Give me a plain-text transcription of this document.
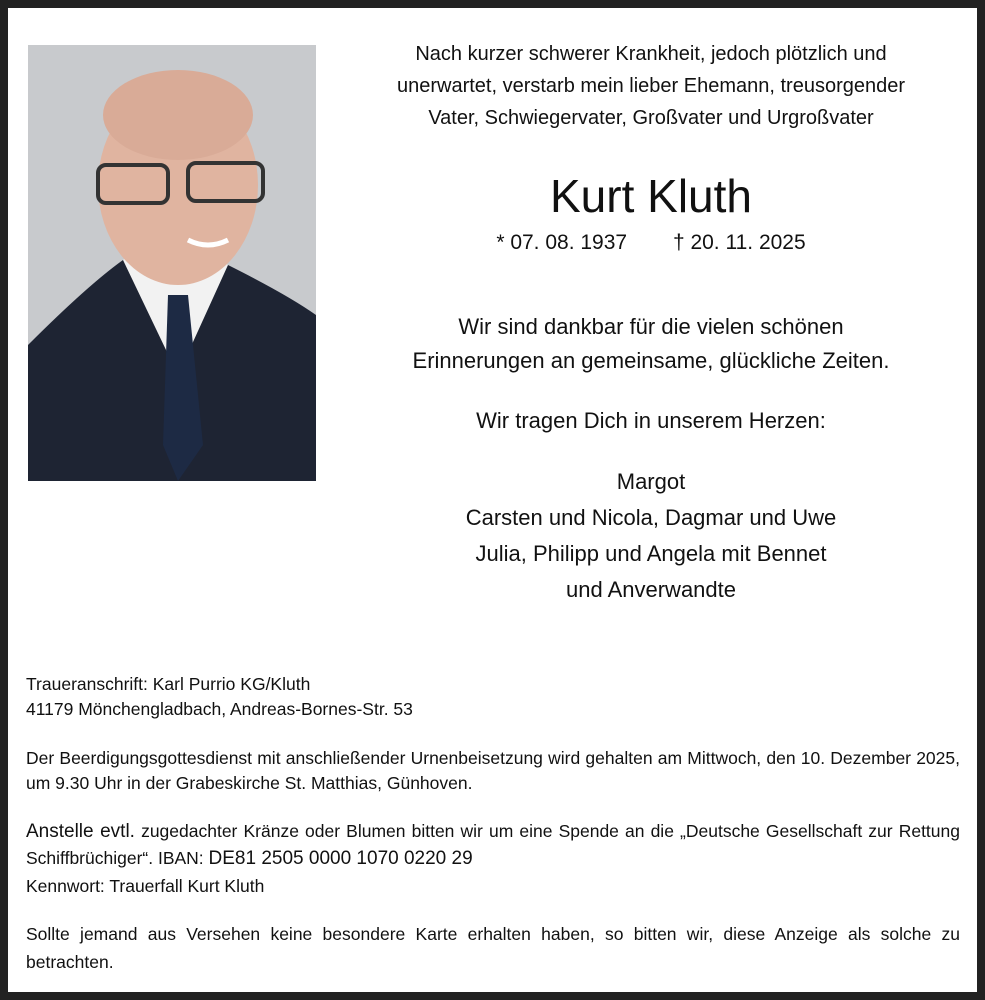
Nach kurzer schwerer Krankheit, jedoch plötzlich und
unerwartet, verstarb mein lieber Ehemann, treusorgender
Vater, Schwiegervater, Großvater und Urgroßvater
Kurt Kluth
* 07. 08. 1937 † 20. 11. 2025
Wir sind dankbar für die vielen schönen
Erinnerungen an gemeinsame, glückliche Zeiten.
Wir tragen Dich in unserem Herzen:
Margot
Carsten und Nicola, Dagmar und Uwe
Julia, Philipp und Angela mit Bennet
und Anverwandte
Traueranschrift: Karl Purrio KG/Kluth
41179 Mönchengladbach, Andreas-Bornes-Str. 53
Der Beerdigungsgottesdienst mit anschließender Urnenbeisetzung wird gehalten am Mittwoch, den 10. Dezember 2025, um 9.30 Uhr in der Grabeskirche St. Matthias, Günhoven.
Anstelle evtl. zugedachter Kränze oder Blumen bitten wir um eine Spende an die „Deutsche Gesellschaft zur Rettung Schiffbrüchiger“. IBAN: DE81 2505 0000 1070 0220 29
Kennwort: Trauerfall Kurt Kluth
Sollte jemand aus Versehen keine besondere Karte erhalten haben, so bitten wir, diese Anzeige als solche zu betrachten.
